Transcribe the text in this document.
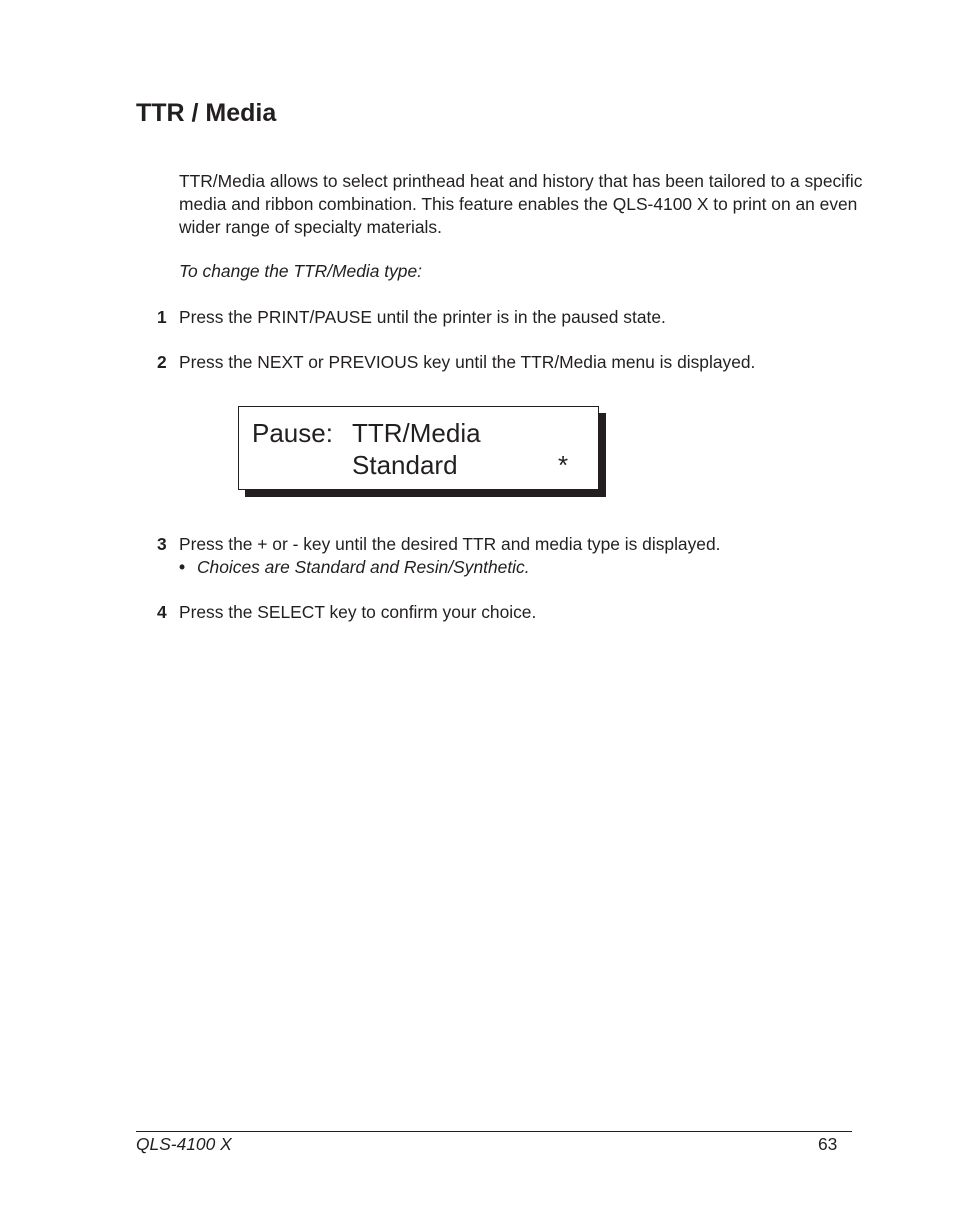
TTR / Media

TTR/Media allows to select printhead heat and history that has been tailored to a specific media and ribbon combination. This feature enables the QLS-4100 X to print on an even wider range of specialty materials.

To change the TTR/Media type:
1 Press the PRINT/PAUSE until the printer is in the paused state.
2 Press the NEXT or PREVIOUS key until the TTR/Media menu is displayed.
Pause: TTR/Media
Standard	*
3 Press the + or - key until the desired TTR and media type is displayed.
• Choices are Standard and Resin/Synthetic.
4 Press the SELECT key to confirm your choice.
QLS-4100 X	63
